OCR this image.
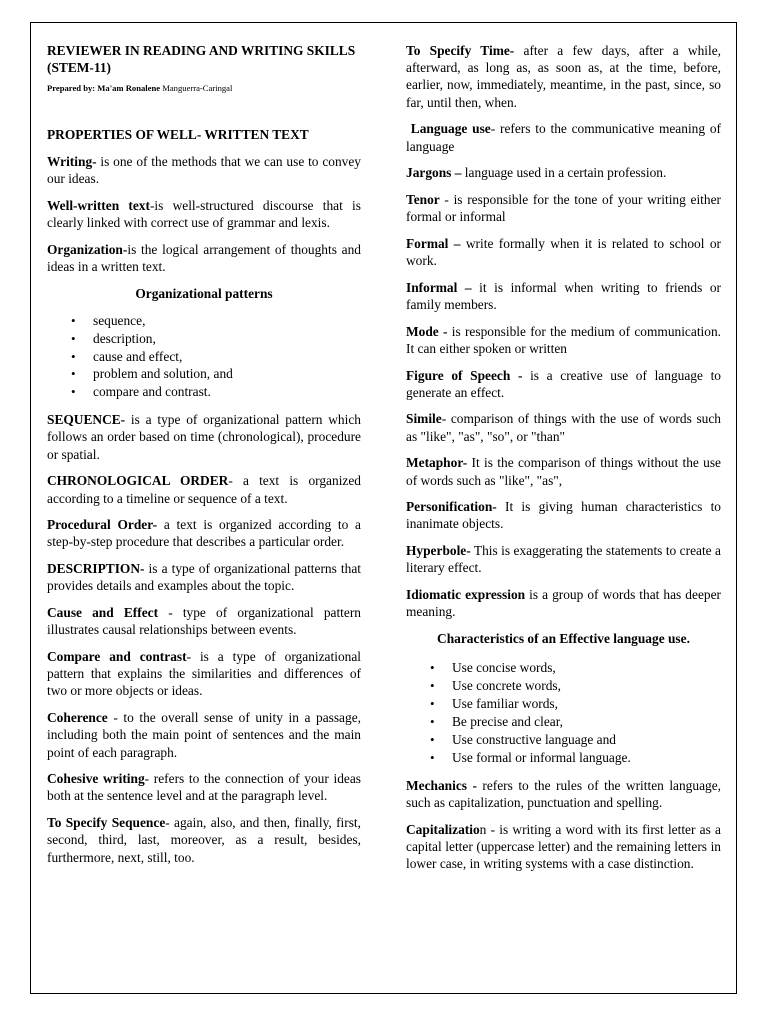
REVIEWER IN READING AND WRITING SKILLS (STEM-11)

Prepared by: Ma'am Ronalene Manguerra-Caringal

PROPERTIES OF WELL- WRITTEN TEXT

Writing- is one of the methods that we can use to convey our ideas.

Well-written text-is well-structured discourse that is clearly linked with correct use of grammar and lexis.

Organization-is the logical arrangement of thoughts and ideas in a written text.

Organizational patterns

• sequence,
• description,
• cause and effect,
• problem and solution, and
• compare and contrast.

SEQUENCE- is a type of organizational pattern which follows an order based on time (chronological), procedure or spatial.

CHRONOLOGICAL ORDER- a text is organized according to a timeline or sequence of a text.

Procedural Order- a text is organized according to a step-by-step procedure that describes a particular order.

DESCRIPTION- is a type of organizational patterns that provides details and examples about the topic.

Cause and Effect - type of organizational pattern illustrates causal relationships between events.

Compare and contrast- is a type of organizational pattern that explains the similarities and differences of two or more objects or ideas.

Coherence - to the overall sense of unity in a passage, including both the main point of sentences and the main point of each paragraph.

Cohesive writing- refers to the connection of your ideas both at the sentence level and at the paragraph level.

To Specify Sequence- again, also, and then, finally, first, second, third, last, moreover, as a result, besides, furthermore, next, still, too.

To Specify Time- after a few days, after a while, afterward, as long as, as soon as, at the time, before, earlier, now, immediately, meantime, in the past, since, so far, until then, when.

Language use- refers to the communicative meaning of language

Jargons – language used in a certain profession.

Tenor - is responsible for the tone of your writing either formal or informal

Formal – write formally when it is related to school or work.

Informal – it is informal when writing to friends or family members.

Mode - is responsible for the medium of communication. It can either spoken or written

Figure of Speech - is a creative use of language to generate an effect.

Simile- comparison of things with the use of words such as "like", "as", "so", or "than"

Metaphor- It is the comparison of things without the use of words such as "like", "as",

Personification- It is giving human characteristics to inanimate objects.

Hyperbole- This is exaggerating the statements to create a literary effect.

Idiomatic expression is a group of words that has deeper meaning.

Characteristics of an Effective language use.

• Use concise words,
• Use concrete words,
• Use familiar words,
• Be precise and clear,
• Use constructive language and
• Use formal or informal language.

Mechanics - refers to the rules of the written language, such as capitalization, punctuation and spelling.

Capitalization - is writing a word with its first letter as a capital letter (uppercase letter) and the remaining letters in lower case, in writing systems with a case distinction.
